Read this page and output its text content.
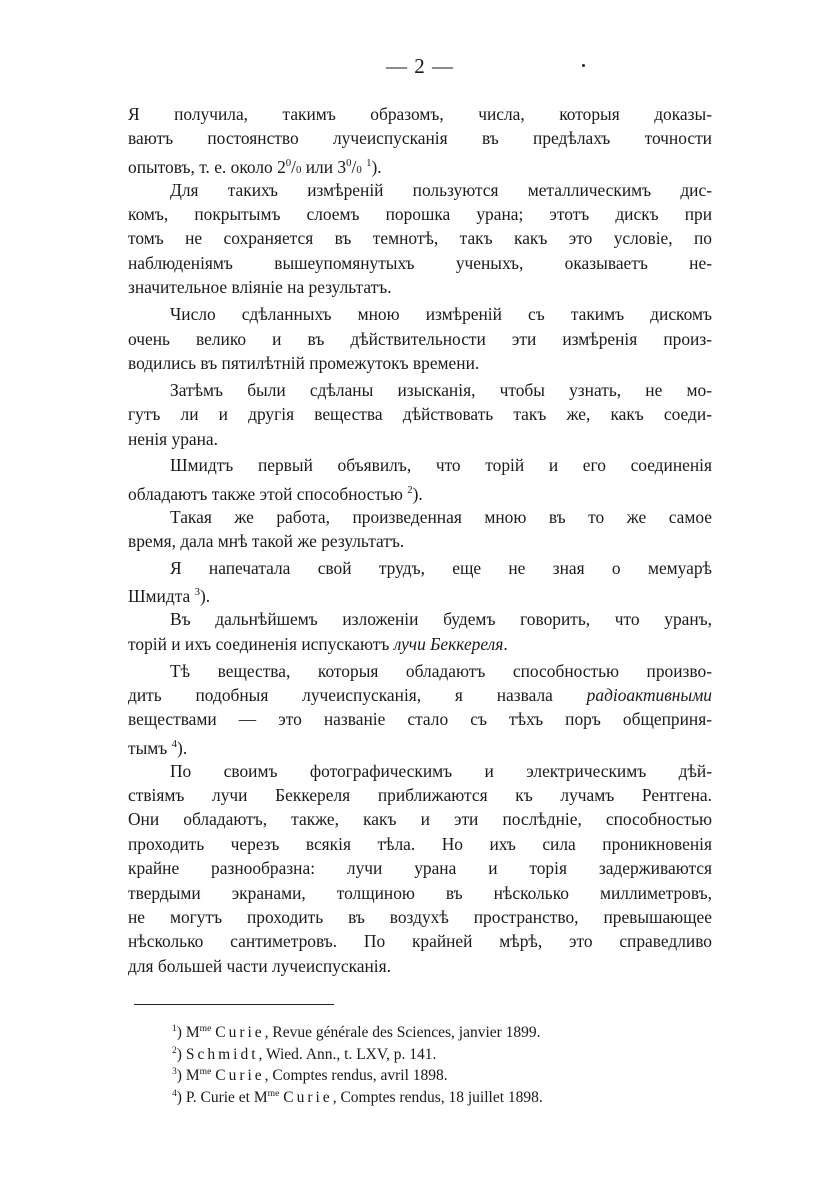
— 2 —
Я получила, такимъ образомъ, числа, которыя доказы-
ваютъ постоянство лучеиспусканія въ предѣлахъ точности
опытовъ, т. е. около $2^0/0$ или $3^0/0$ $^1$).
Для такихъ измѣреній пользуются металлическимъ дис-
комъ, покрытымъ слоемъ порошка урана; этотъ дискъ при
томъ не сохраняется въ темнотѣ, такъ какъ это условіе, по
наблюденіямъ вышеупомянутыхъ ученыхъ, оказываетъ не-
значительное вліяніе на результатъ.
Число сдѣланныхъ мною измѣреній съ такимъ дискомъ
очень велико и въ дѣйствительности эти измѣренія произ-
водились въ пятилѣтній промежутокъ времени.
Затѣмъ были сдѣланы изысканія, чтобы узнать, не мо-
гутъ ли и другія вещества дѣйствовать такъ же, какъ соеди-
ненія урана.
Шмидтъ первый объявилъ, что торій и его соединенія
обладаютъ также этой способностью $^2$).
Такая же работа, произведенная мною въ то же самое
время, дала мнѣ такой же результатъ.
Я напечатала свой трудъ, еще не зная о мемуарѣ
Шмидта $^3$).
Въ дальнѣйшемъ изложеніи будемъ говорить, что уранъ,
торій и ихъ соединенія испускаютъ лучи Беккереля.
Тѣ вещества, которыя обладаютъ способностью произво-
дить подобныя лучеиспусканія, я назвала радіоактивными
веществами — это названіе стало съ тѣхъ поръ общеприня-
тымъ $^4$).
По своимъ фотографическимъ и электрическимъ дѣй-
ствіямъ лучи Беккереля приближаются къ лучамъ Рентгена.
Они обладаютъ, также, какъ и эти послѣдніе, способностью
проходить черезъ всякія тѣла. Но ихъ сила проникновенія
крайне разнообразна: лучи урана и торія задерживаются
твердыми экранами, толщиною въ нѣсколько миллиметровъ,
не могутъ проходить въ воздухѣ пространство, превышающее
нѣсколько сантиметровъ. По крайней мѣрѣ, это справедливо
для большей части лучеиспусканія.
$^1$) $M^{me}$ Curie, Revue générale des Sciences, janvier 1899.
$^2$) Schmidt, Wied. Ann., t. LXV, p. 141.
$^3$) $M^{me}$ Curie, Comptes rendus, avril 1898.
$^4$) P. Curie et $M^{me}$ Curie, Comptes rendus, 18 juillet 1898.
